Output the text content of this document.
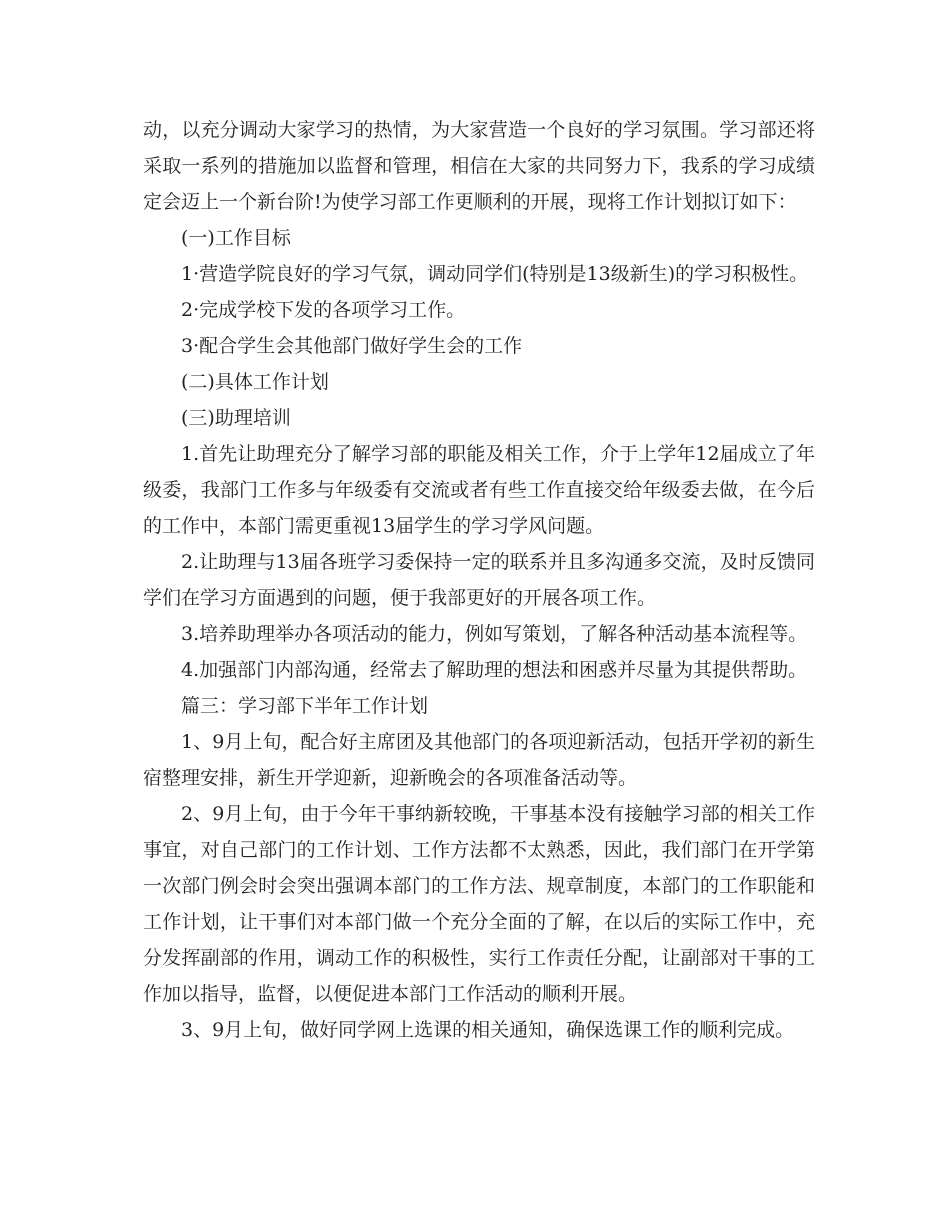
动，以充分调动大家学习的热情，为大家营造一个良好的学习氛围。学习部还将采取一系列的措施加以监督和管理，相信在大家的共同努力下，我系的学习成绩定会迈上一个新台阶!为使学习部工作更顺利的开展，现将工作计划拟订如下：

(一)工作目标

1·营造学院良好的学习气氛，调动同学们(特别是13级新生)的学习积极性。

2·完成学校下发的各项学习工作。

3·配合学生会其他部门做好学生会的工作

(二)具体工作计划

(三)助理培训

1.首先让助理充分了解学习部的职能及相关工作，介于上学年12届成立了年级委，我部门工作多与年级委有交流或者有些工作直接交给年级委去做，在今后的工作中，本部门需更重视13届学生的学习学风问题。

2.让助理与13届各班学习委保持一定的联系并且多沟通多交流，及时反馈同学们在学习方面遇到的问题，便于我部更好的开展各项工作。

3.培养助理举办各项活动的能力，例如写策划，了解各种活动基本流程等。

4.加强部门内部沟通，经常去了解助理的想法和困惑并尽量为其提供帮助。

篇三：学习部下半年工作计划

1、9月上旬，配合好主席团及其他部门的各项迎新活动，包括开学初的新生宿整理安排，新生开学迎新，迎新晚会的各项准备活动等。

2、9月上旬，由于今年干事纳新较晚，干事基本没有接触学习部的相关工作事宜，对自己部门的工作计划、工作方法都不太熟悉，因此，我们部门在开学第一次部门例会时会突出强调本部门的工作方法、规章制度，本部门的工作职能和工作计划，让干事们对本部门做一个充分全面的了解，在以后的实际工作中，充分发挥副部的作用，调动工作的积极性，实行工作责任分配，让副部对干事的工作加以指导，监督，以便促进本部门工作活动的顺利开展。

3、9月上旬，做好同学网上选课的相关通知，确保选课工作的顺利完成。
